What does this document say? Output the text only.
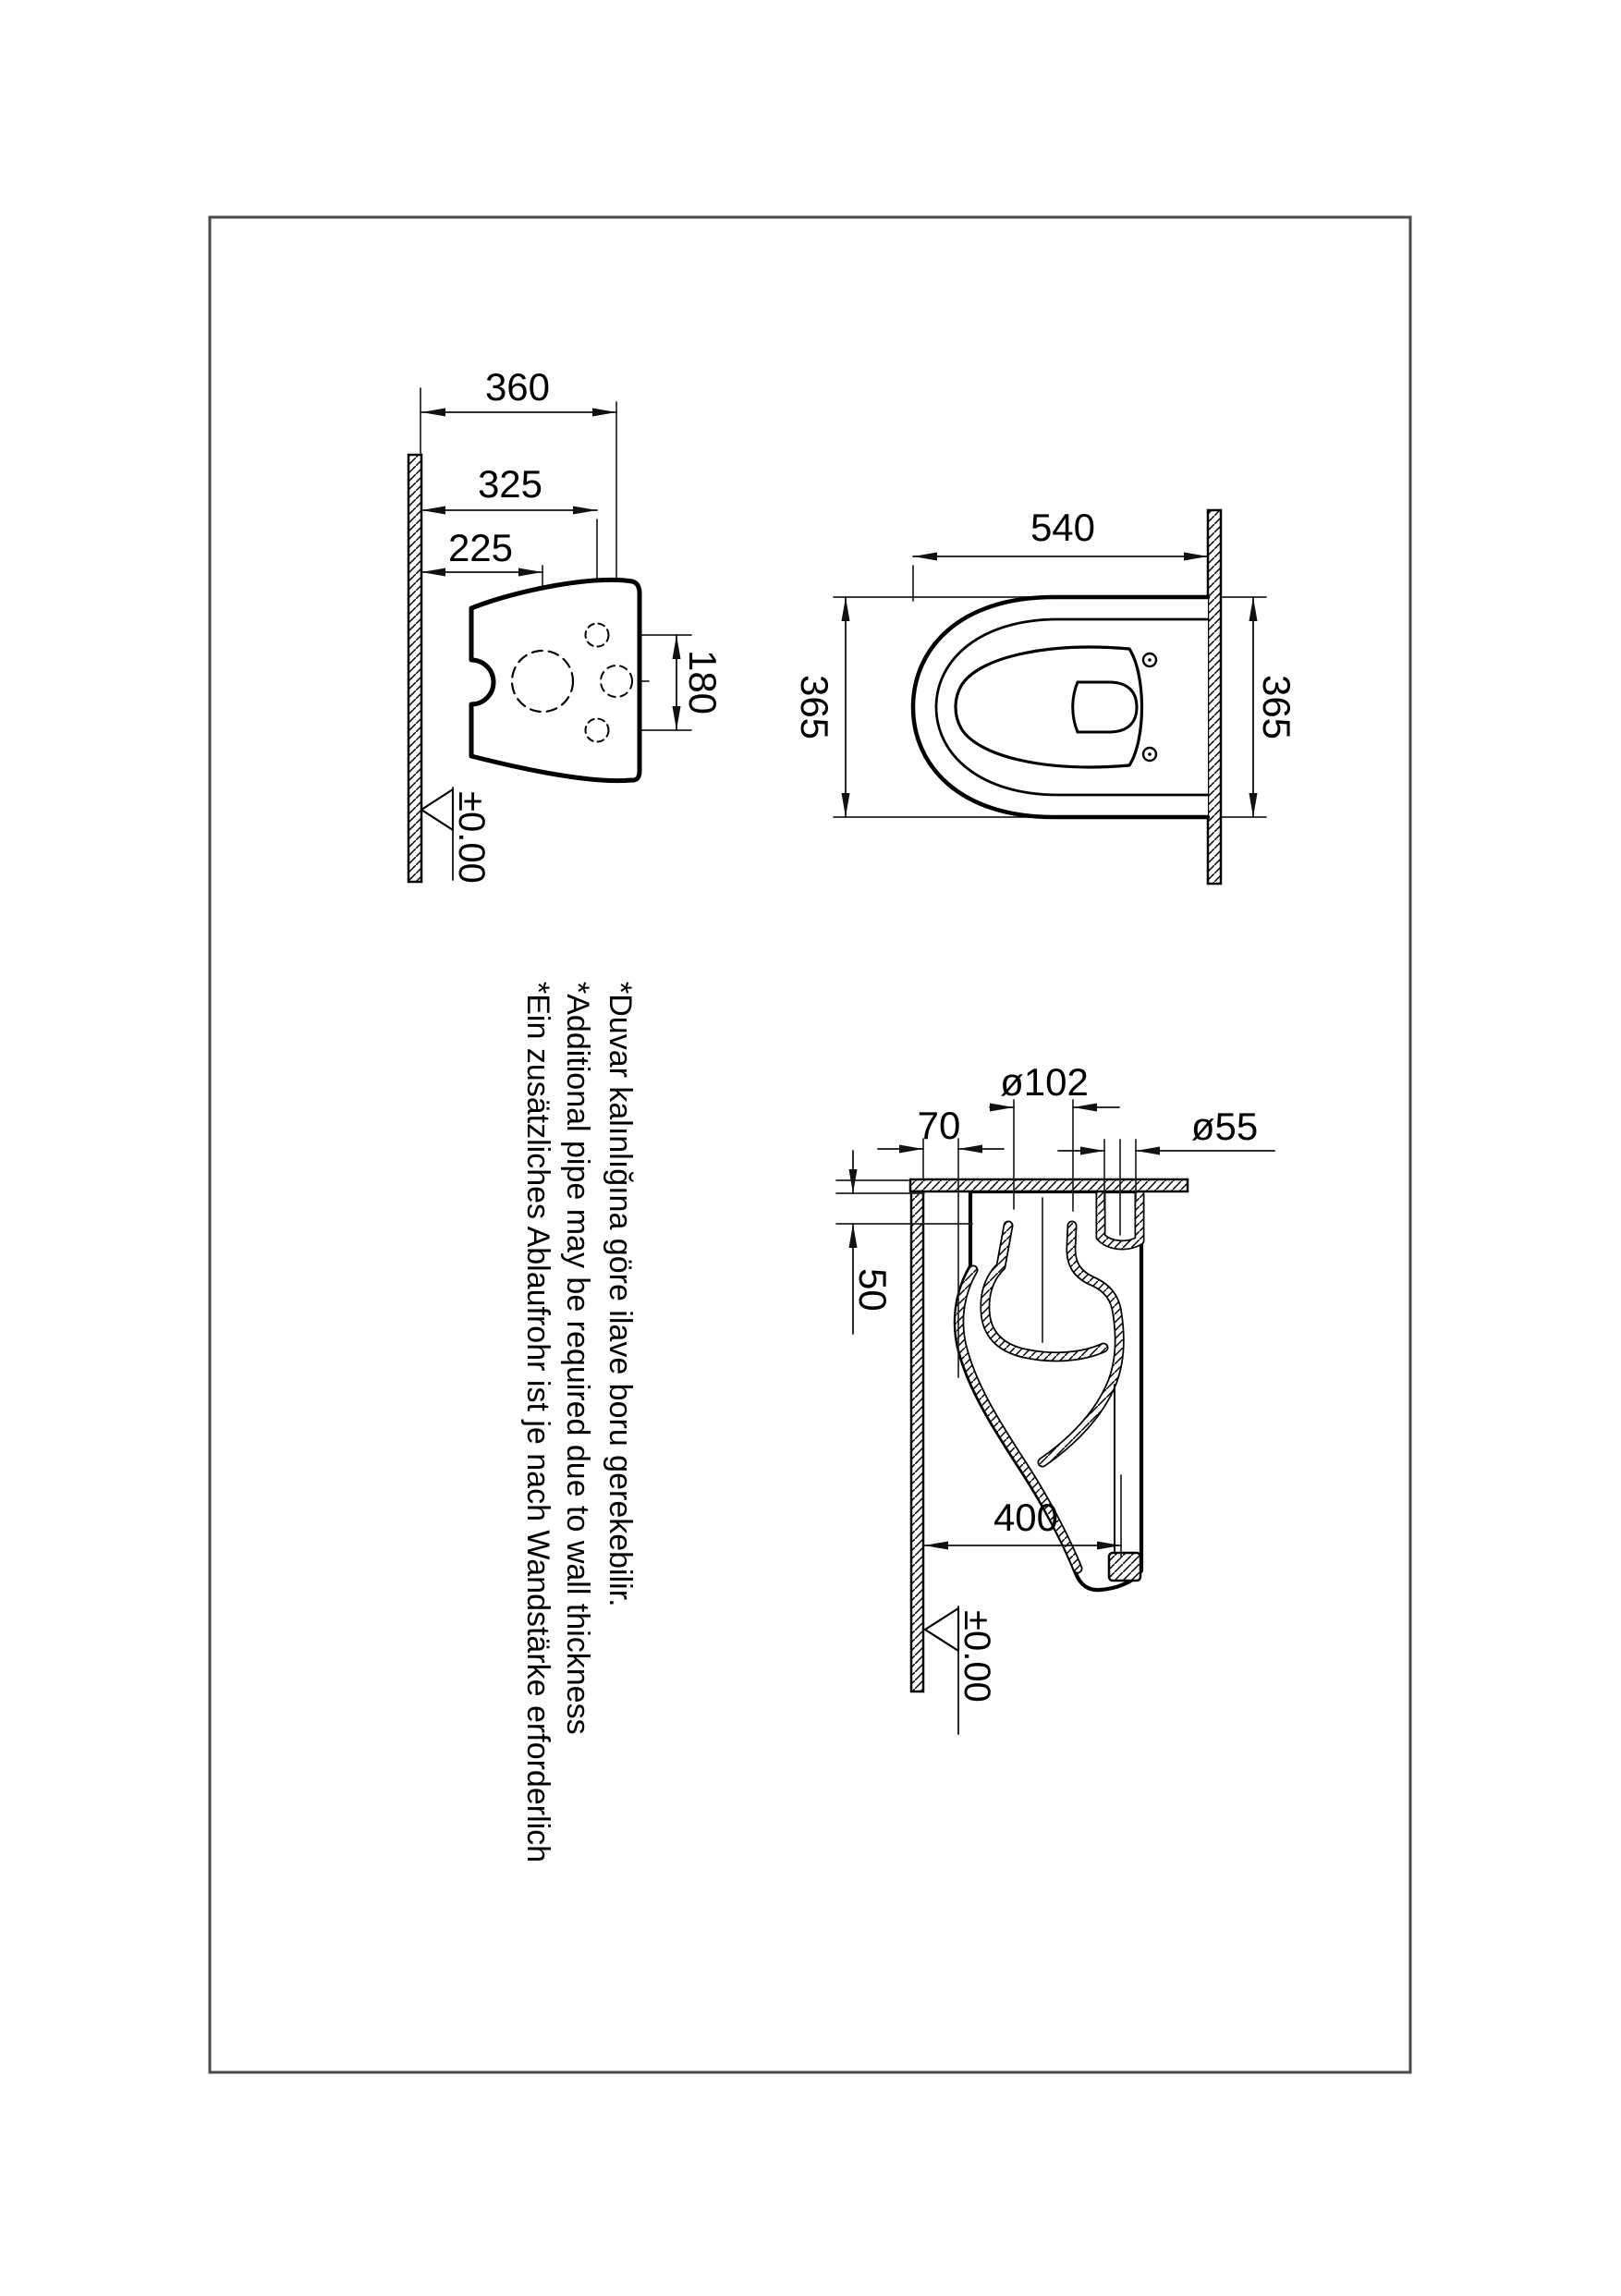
360
325
225
180
±0.00
540
365	365
ø102
70	ø55
50
400
±0.00
*Duvar kalınlığına göre ilave boru gerekebilir.
*Additional pipe may be required due to wall thickness
*Ein zusätzliches Ablaufrohr ist je nach Wandstärke erforderlich
